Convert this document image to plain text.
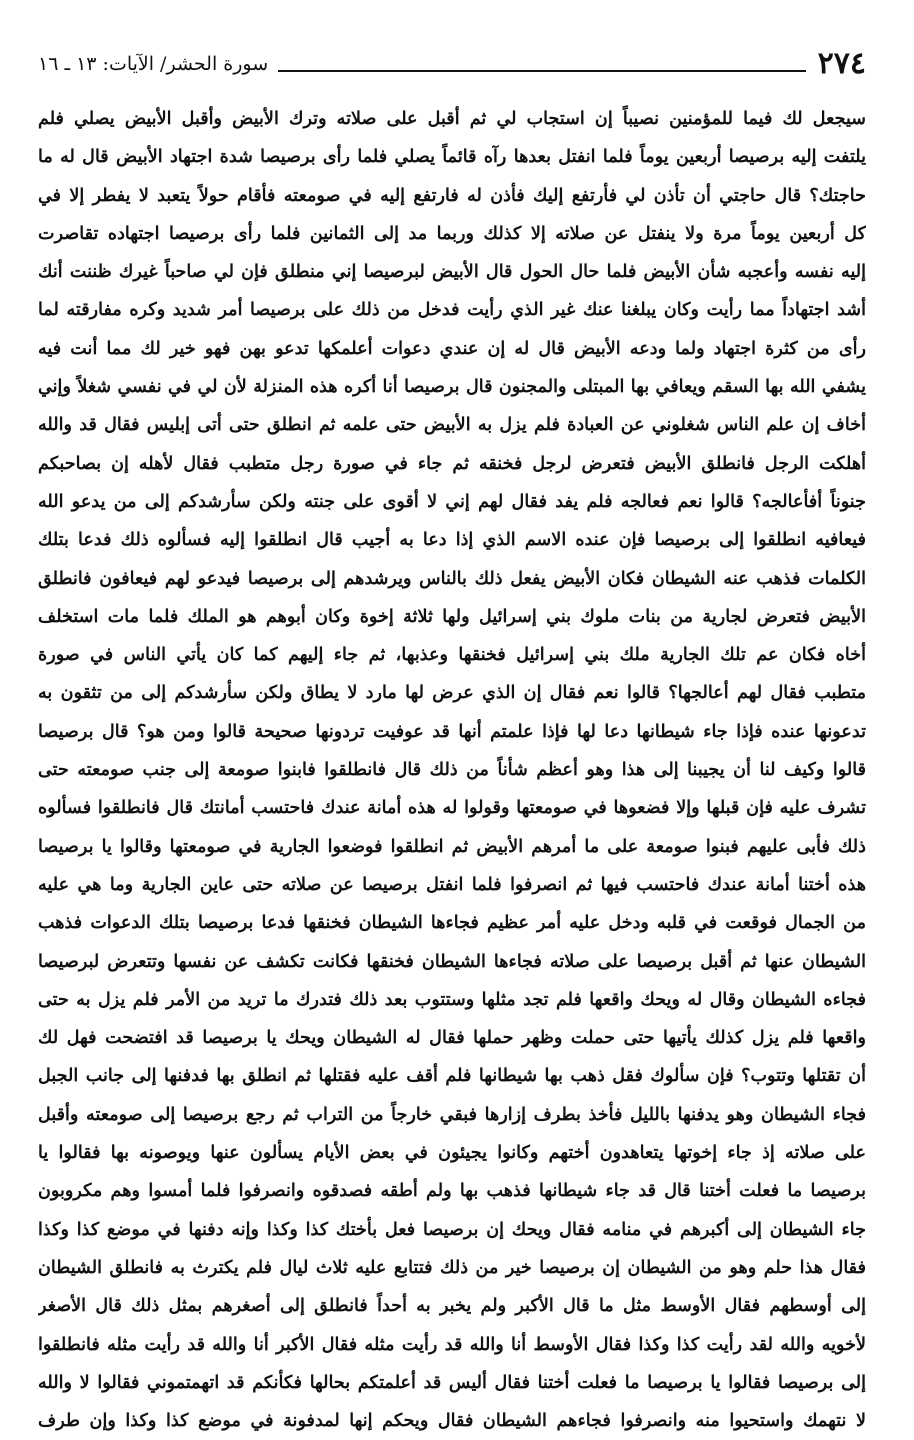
٢٧٤
سورة الحشر/ الآيات: ١٣ ـ ١٦
سيجعل لك فيما للمؤمنين نصيباً إن استجاب لي ثم أقبل على صلاته وترك الأبيض وأقبل الأبيض يصلي فلم
يلتفت إليه برصيصا أربعين يوماً فلما انفتل بعدها رآه قائماً يصلي فلما رأى برصيصا شدة اجتهاد الأبيض قال له ما
حاجتك؟ قال حاجتي أن تأذن لي فأرتفع إليك فأذن له فارتفع إليه في صومعته فأقام حولاً يتعبد لا يفطر إلا في
كل أربعين يوماً مرة ولا ينفتل عن صلاته إلا كذلك وربما مد إلى الثمانين فلما رأى برصيصا اجتهاده تقاصرت
إليه نفسه وأعجبه شأن الأبيض فلما حال الحول قال الأبيض لبرصيصا إني منطلق فإن لي صاحباً غيرك ظننت أنك
أشد اجتهاداً مما رأيت وكان يبلغنا عنك غير الذي رأيت فدخل من ذلك على برصيصا أمر شديد وكره مفارقته لما
رأى من كثرة اجتهاد ولما ودعه الأبيض قال له إن عندي دعوات أعلمكها تدعو بهن فهو خير لك مما أنت فيه
يشفي الله بها السقم ويعافي بها المبتلى والمجنون قال برصيصا أنا أكره هذه المنزلة لأن لي في نفسي شغلاً وإني
أخاف إن علم الناس شغلوني عن العبادة فلم يزل به الأبيض حتى علمه ثم انطلق حتى أتى إبليس فقال قد والله
أهلكت الرجل فانطلق الأبيض فتعرض لرجل فخنقه ثم جاء في صورة رجل متطبب فقال لأهله إن بصاحبكم
جنوناً أفأعالجه؟ قالوا نعم فعالجه فلم يفد فقال لهم إني لا أقوى على جنته ولكن سأرشدكم إلى من يدعو الله
فيعافيه انطلقوا إلى برصيصا فإن عنده الاسم الذي إذا دعا به أجيب قال انطلقوا إليه فسألوه ذلك فدعا بتلك
الكلمات فذهب عنه الشيطان فكان الأبيض يفعل ذلك بالناس ويرشدهم إلى برصيصا فيدعو لهم فيعافون فانطلق
الأبيض فتعرض لجارية من بنات ملوك بني إسرائيل ولها ثلاثة إخوة وكان أبوهم هو الملك فلما مات استخلف
أخاه فكان عم تلك الجارية ملك بني إسرائيل فخنقها وعذبها، ثم جاء إليهم كما كان يأتي الناس في صورة
متطبب فقال لهم أعالجها؟ قالوا نعم فقال إن الذي عرض لها مارد لا يطاق ولكن سأرشدكم إلى من تثقون به
تدعونها عنده فإذا جاء شيطانها دعا لها فإذا علمتم أنها قد عوفيت تردونها صحيحة قالوا ومن هو؟ قال برصيصا
قالوا وكيف لنا أن يجيبنا إلى هذا وهو أعظم شأناً من ذلك قال فانطلقوا فابنوا صومعة إلى جنب صومعته حتى
تشرف عليه فإن قبلها وإلا فضعوها في صومعتها وقولوا له هذه أمانة عندك فاحتسب أمانتك قال فانطلقوا فسألوه
ذلك فأبى عليهم فبنوا صومعة على ما أمرهم الأبيض ثم انطلقوا فوضعوا الجارية في صومعتها وقالوا يا برصيصا
هذه أختنا أمانة عندك فاحتسب فيها ثم انصرفوا فلما انفتل برصيصا عن صلاته حتى عاين الجارية وما هي عليه
من الجمال فوقعت في قلبه ودخل عليه أمر عظيم فجاءها الشيطان فخنقها فدعا برصيصا بتلك الدعوات فذهب
الشيطان عنها ثم أقبل برصيصا على صلاته فجاءها الشيطان فخنقها فكانت تكشف عن نفسها وتتعرض لبرصيصا
فجاءه الشيطان وقال له ويحك واقعها فلم تجد مثلها وستتوب بعد ذلك فتدرك ما تريد من الأمر فلم يزل به حتى
واقعها فلم يزل كذلك يأتيها حتى حملت وظهر حملها فقال له الشيطان ويحك يا برصيصا قد افتضحت فهل لك
أن تقتلها وتتوب؟ فإن سألوك فقل ذهب بها شيطانها فلم أقف عليه فقتلها ثم انطلق بها فدفنها إلى جانب الجبل
فجاء الشيطان وهو يدفنها بالليل فأخذ بطرف إزارها فبقي خارجاً من التراب ثم رجع برصيصا إلى صومعته وأقبل
على صلاته إذ جاء إخوتها يتعاهدون أختهم وكانوا يجيئون في بعض الأيام يسألون عنها ويوصونه بها فقالوا يا
برصيصا ما فعلت أختنا قال قد جاء شيطانها فذهب بها ولم أطقه فصدقوه وانصرفوا فلما أمسوا وهم مكروبون
جاء الشيطان إلى أكبرهم في منامه فقال ويحك إن برصيصا فعل بأختك كذا وكذا وإنه دفنها في موضع كذا وكذا
فقال هذا حلم وهو من الشيطان إن برصيصا خير من ذلك فتتابع عليه ثلاث ليال فلم يكترث به فانطلق الشيطان
إلى أوسطهم فقال الأوسط مثل ما قال الأكبر ولم يخبر به أحداً فانطلق إلى أصغرهم بمثل ذلك قال الأصغر
لأخويه والله لقد رأيت كذا وكذا فقال الأوسط أنا والله قد رأيت مثله فقال الأكبر أنا والله قد رأيت مثله فانطلقوا
إلى برصيصا فقالوا يا برصيصا ما فعلت أختنا فقال أليس قد أعلمتكم بحالها فكأنكم قد اتهمتموني فقالوا لا والله
لا نتهمك واستحيوا منه وانصرفوا فجاءهم الشيطان فقال ويحكم إنها لمدفونة في موضع كذا وكذا وإن طرف
